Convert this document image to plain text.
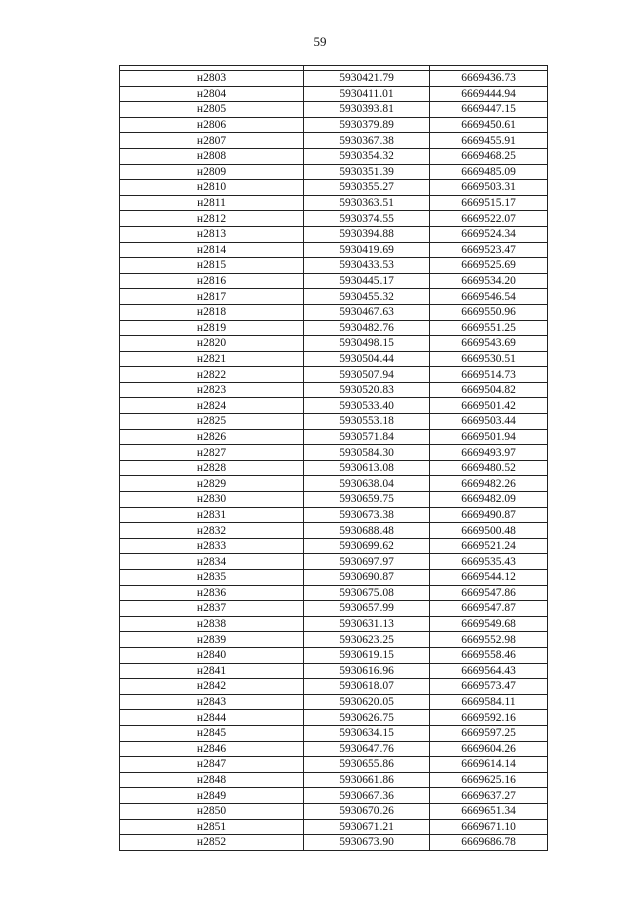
59

н2803	5930421.79	6669436.73
н2804	5930411.01	6669444.94
н2805	5930393.81	6669447.15
н2806	5930379.89	6669450.61
н2807	5930367.38	6669455.91
н2808	5930354.32	6669468.25
н2809	5930351.39	6669485.09
н2810	5930355.27	6669503.31
н2811	5930363.51	6669515.17
н2812	5930374.55	6669522.07
н2813	5930394.88	6669524.34
н2814	5930419.69	6669523.47
н2815	5930433.53	6669525.69
н2816	5930445.17	6669534.20
н2817	5930455.32	6669546.54
н2818	5930467.63	6669550.96
н2819	5930482.76	6669551.25
н2820	5930498.15	6669543.69
н2821	5930504.44	6669530.51
н2822	5930507.94	6669514.73
н2823	5930520.83	6669504.82
н2824	5930533.40	6669501.42
н2825	5930553.18	6669503.44
н2826	5930571.84	6669501.94
н2827	5930584.30	6669493.97
н2828	5930613.08	6669480.52
н2829	5930638.04	6669482.26
н2830	5930659.75	6669482.09
н2831	5930673.38	6669490.87
н2832	5930688.48	6669500.48
н2833	5930699.62	6669521.24
н2834	5930697.97	6669535.43
н2835	5930690.87	6669544.12
н2836	5930675.08	6669547.86
н2837	5930657.99	6669547.87
н2838	5930631.13	6669549.68
н2839	5930623.25	6669552.98
н2840	5930619.15	6669558.46
н2841	5930616.96	6669564.43
н2842	5930618.07	6669573.47
н2843	5930620.05	6669584.11
н2844	5930626.75	6669592.16
н2845	5930634.15	6669597.25
н2846	5930647.76	6669604.26
н2847	5930655.86	6669614.14
н2848	5930661.86	6669625.16
н2849	5930667.36	6669637.27
н2850	5930670.26	6669651.34
н2851	5930671.21	6669671.10
н2852	5930673.90	6669686.78
